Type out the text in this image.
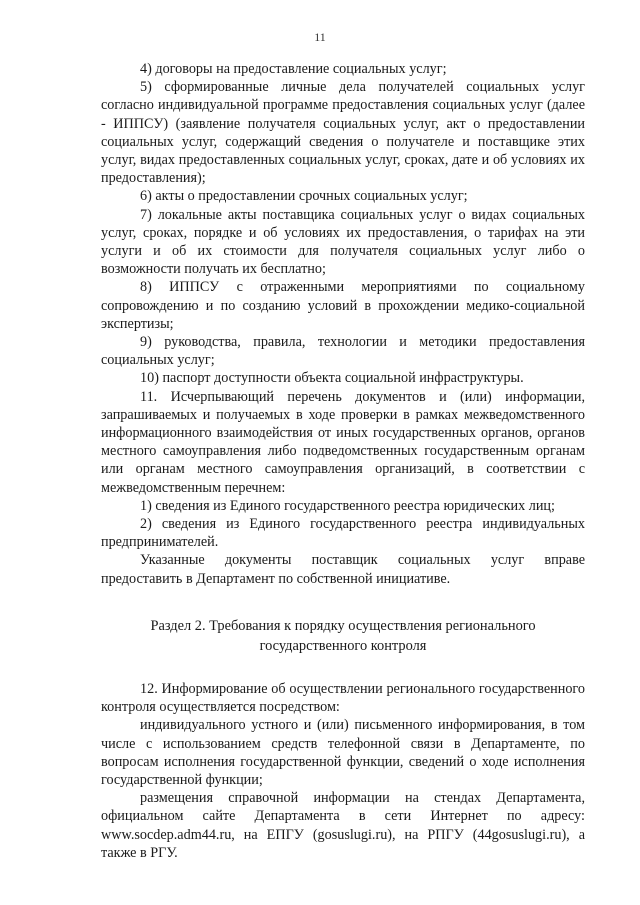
11

4) договоры на предоставление социальных услуг;

5) сформированные личные дела получателей социальных услуг согласно индивидуальной программе предоставления социальных услуг (далее - ИППСУ) (заявление получателя социальных услуг, акт о предоставлении социальных услуг, содержащий сведения о получателе и поставщике этих услуг, видах предоставленных социальных услуг, сроках, дате и об условиях их предоставления);

6) акты о предоставлении срочных социальных услуг;

7) локальные акты поставщика социальных услуг о видах социальных услуг, сроках, порядке и об условиях их предоставления, о тарифах на эти услуги и об их стоимости для получателя социальных услуг либо о возможности получать их бесплатно;

8) ИППСУ с отраженными мероприятиями по социальному сопровождению и по созданию условий в прохождении медико-социальной экспертизы;

9) руководства, правила, технологии и методики предоставления социальных услуг;

10) паспорт доступности объекта социальной инфраструктуры.

11. Исчерпывающий перечень документов и (или) информации, запрашиваемых и получаемых в ходе проверки в рамках межведомственного информационного взаимодействия от иных государственных органов, органов местного самоуправления либо подведомственных государственным органам или органам местного самоуправления организаций, в соответствии с межведомственным перечнем:

1) сведения из Единого государственного реестра юридических лиц;

2) сведения из Единого государственного реестра индивидуальных предпринимателей.

Указанные документы поставщик социальных услуг вправе предоставить в Департамент по собственной инициативе.

Раздел 2. Требования к порядку осуществления регионального
государственного контроля

12. Информирование об осуществлении регионального государственного контроля осуществляется посредством:

индивидуального устного и (или) письменного информирования, в том числе с использованием средств телефонной связи в Департаменте, по вопросам исполнения государственной функции, сведений о ходе исполнения государственной функции;

размещения справочной информации на стендах Департамента, официальном сайте Департамента в сети Интернет по адресу: www.socdep.adm44.ru, на ЕПГУ (gosuslugi.ru), на РПГУ (44gosuslugi.ru), а также в РГУ.
